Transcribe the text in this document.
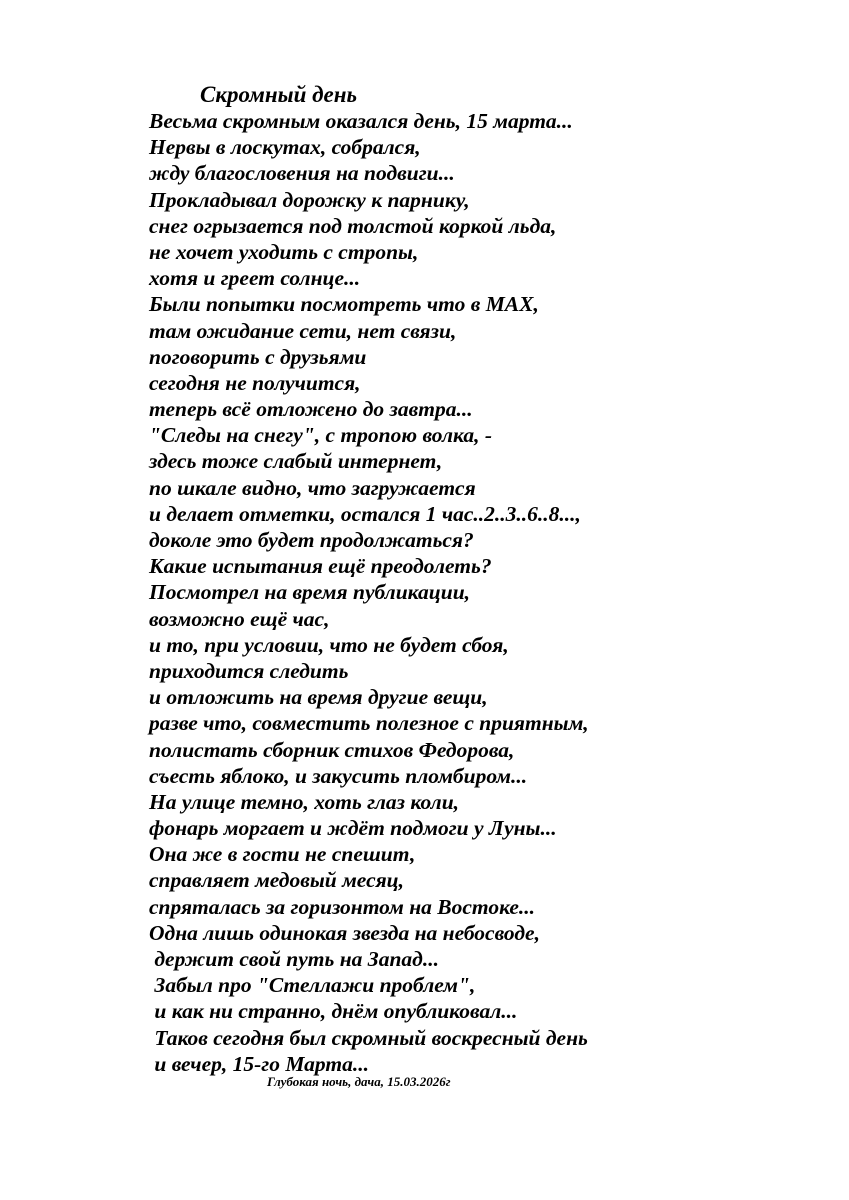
Скромный день
Весьма скромным оказался день, 15 марта...
Нервы в лоскутах, собрался,
жду благословения на подвиги...
Прокладывал дорожку к парнику,
снег огрызается под толстой коркой льда,
не хочет уходить с стропы,
хотя и греет солнце...
Были попытки посмотреть что в MAX,
там ожидание сети, нет связи,
поговорить с друзьями
сегодня не получится,
теперь всё отложено до завтра...
"Следы на снегу", с тропою волка, -
здесь тоже слабый интернет,
по шкале видно, что загружается
и делает отметки, остался 1 час..2..3..6..8...,
доколе это будет продолжаться?
Какие испытания ещё преодолеть?
Посмотрел на время публикации,
возможно ещё час,
и то, при условии, что не будет сбоя,
приходится следить
и отложить на время другие вещи,
разве что, совместить полезное с приятным,
полистать сборник стихов Федорова,
съесть яблоко, и закусить пломбиром...
На улице темно, хоть глаз коли,
фонарь моргает и ждёт подмоги у Луны...
Она же в гости не спешит,
справляет медовый месяц,
спряталась за горизонтом на Востоке...
Одна лишь одинокая звезда на небосводе,
держит свой путь на Запад...
Забыл про "Стеллажи проблем",
и как ни странно, днём опубликовал...
Таков сегодня был скромный воскресный день
и вечер, 15-го Марта...
Глубокая ночь, дача, 15.03.2026г
